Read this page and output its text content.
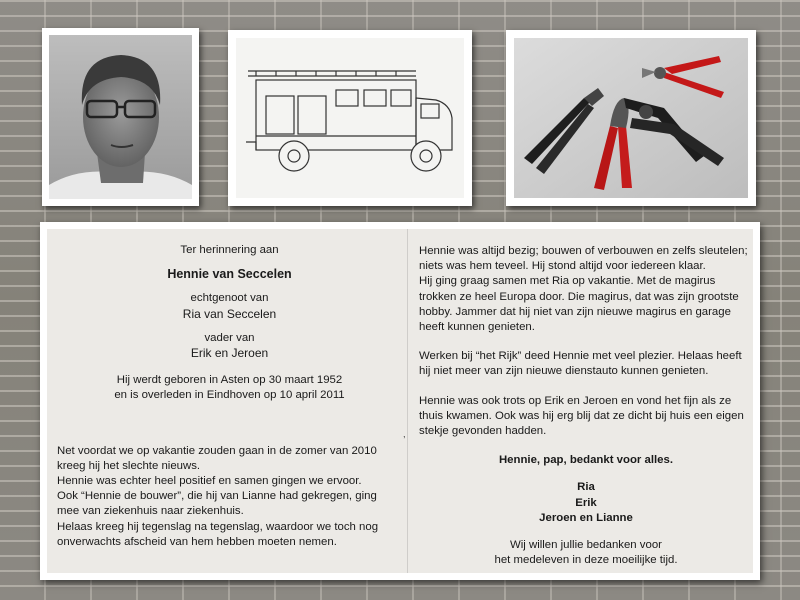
,
Ter herinnering aan
Hennie van Seccelen
echtgenoot van
Ria van Seccelen
vader van
Erik en Jeroen
Hij werdt geboren in Asten op 30 maart 1952
en is overleden in Eindhoven op 10 april 2011
Net voordat we op vakantie zouden gaan in de zomer van 2010
kreeg hij het slechte nieuws.
Hennie was echter heel positief en samen gingen we ervoor.
Ook “Hennie de bouwer”, die hij van Lianne had gekregen, ging
mee van ziekenhuis naar ziekenhuis.
Helaas kreeg hij tegenslag na tegenslag, waardoor we toch nog
onverwachts afscheid van hem hebben moeten nemen.
Hennie was altijd bezig; bouwen of verbouwen en zelfs sleutelen;
niets was hem teveel. Hij stond altijd voor iedereen klaar.
Hij ging graag samen met Ria op vakantie. Met de magirus
trokken ze heel Europa door. Die magirus, dat was zijn grootste
hobby. Jammer dat hij niet van zijn nieuwe magirus en garage
heeft kunnen genieten.
Werken bij “het Rijk” deed Hennie met veel plezier. Helaas heeft
hij niet meer van zijn nieuwe dienstauto kunnen genieten.
Hennie was ook trots op Erik en Jeroen en vond het fijn als ze
thuis kwamen. Ook was hij erg blij dat ze dicht bij huis een eigen
stekje gevonden hadden.
Hennie, pap, bedankt voor alles.
Ria
Erik
Jeroen en Lianne
Wij willen jullie bedanken voor
het medeleven in deze moeilijke tijd.
